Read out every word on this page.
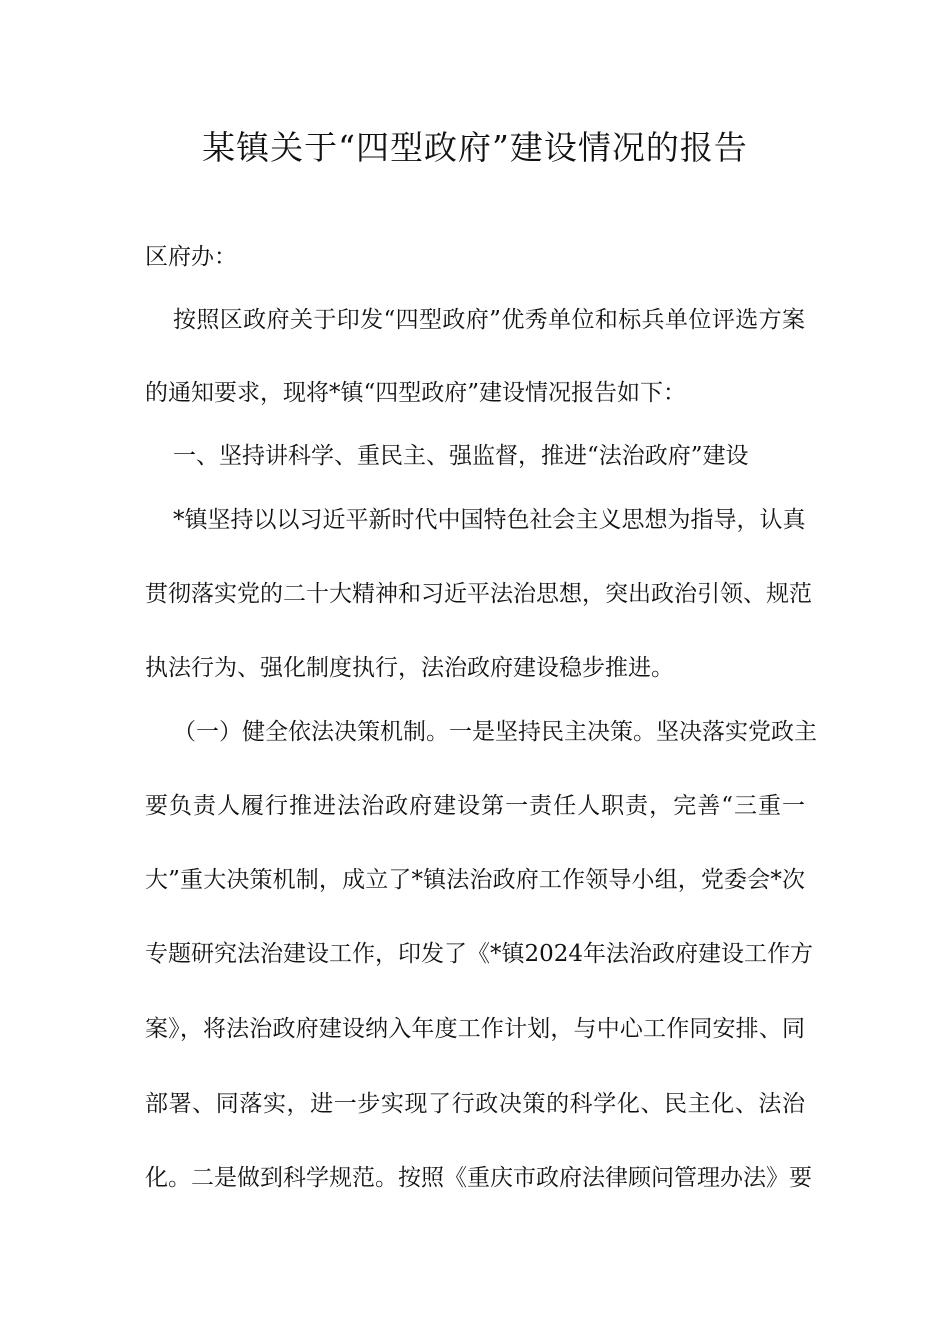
某镇关于“四型政府”建设情况的报告
区府办：
按照区政府关于印发“四型政府”优秀单位和标兵单位评选方案
的通知要求，现将*镇“四型政府”建设情况报告如下：
一、坚持讲科学、重民主、强监督，推进“法治政府”建设
*镇坚持以以习近平新时代中国特色社会主义思想为指导，认真
贯彻落实党的二十大精神和习近平法治思想，突出政治引领、规范
执法行为、强化制度执行，法治政府建设稳步推进。
（一）健全依法决策机制。一是坚持民主决策。坚决落实党政主
要负责人履行推进法治政府建设第一责任人职责，完善“三重一
大”重大决策机制，成立了*镇法治政府工作领导小组，党委会*次
专题研究法治建设工作，印发了《*镇2024年法治政府建设工作方
案》，将法治政府建设纳入年度工作计划，与中心工作同安排、同
部署、同落实，进一步实现了行政决策的科学化、民主化、法治
化。二是做到科学规范。按照《重庆市政府法律顾问管理办法》要
